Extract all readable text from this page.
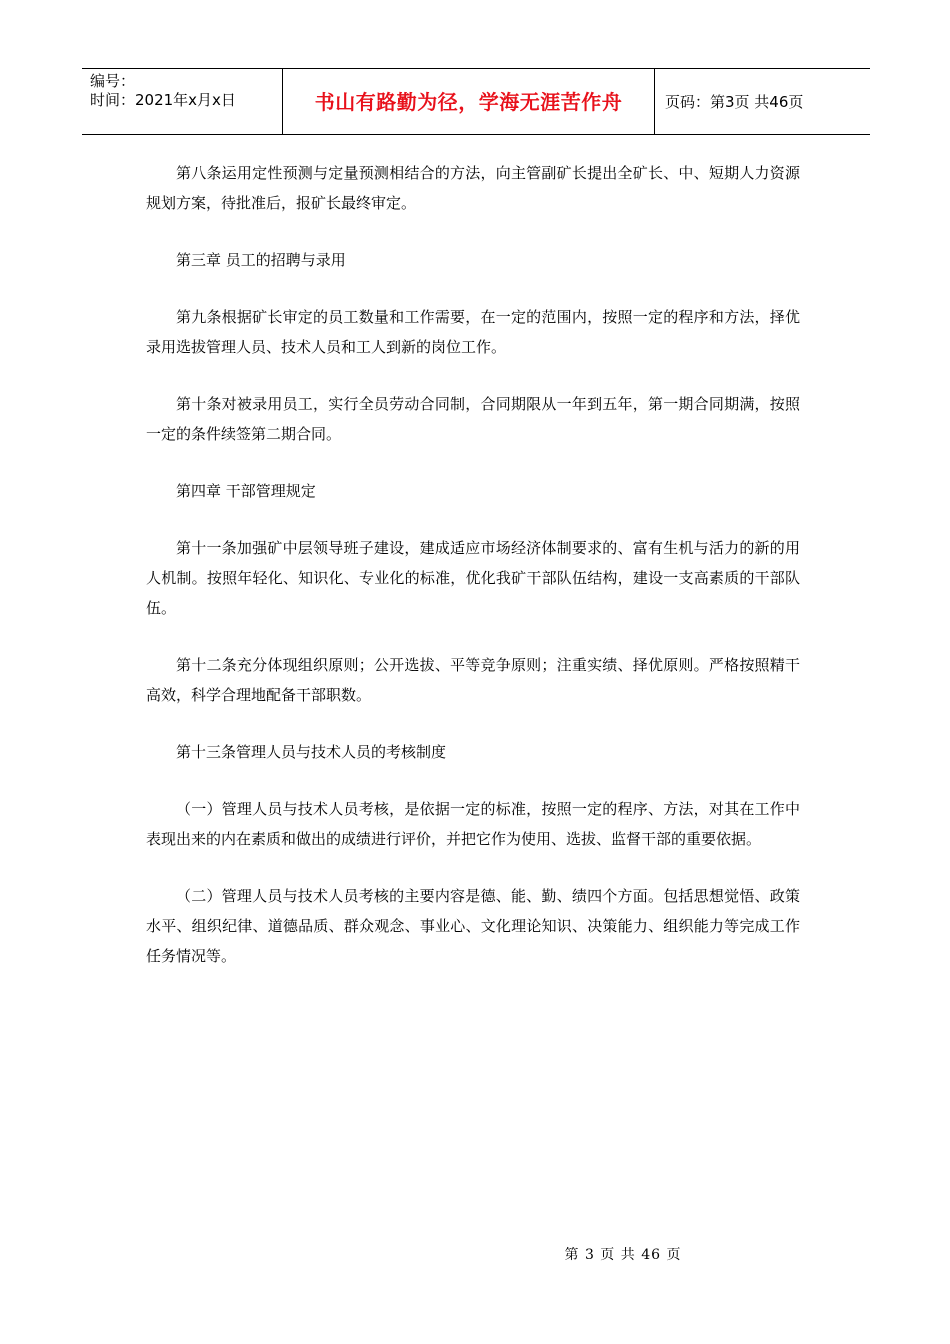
编号：
时间：2021年x月x日	书山有路勤为径，学海无涯苦作舟	页码：第3页 共46页

第八条运用定性预测与定量预测相结合的方法，向主管副矿长提出全矿长、中、短期人力资源规划方案，待批准后，报矿长最终审定。

第三章 员工的招聘与录用

第九条根据矿长审定的员工数量和工作需要，在一定的范围内，按照一定的程序和方法，择优录用选拔管理人员、技术人员和工人到新的岗位工作。

第十条对被录用员工，实行全员劳动合同制，合同期限从一年到五年，第一期合同期满，按照一定的条件续签第二期合同。

第四章 干部管理规定

第十一条加强矿中层领导班子建设，建成适应市场经济体制要求的、富有生机与活力的新的用人机制。按照年轻化、知识化、专业化的标准，优化我矿干部队伍结构，建设一支高素质的干部队伍。

第十二条充分体现组织原则；公开选拔、平等竞争原则；注重实绩、择优原则。严格按照精干高效，科学合理地配备干部职数。

第十三条管理人员与技术人员的考核制度

（一）管理人员与技术人员考核，是依据一定的标准，按照一定的程序、方法，对其在工作中表现出来的内在素质和做出的成绩进行评价，并把它作为使用、选拔、监督干部的重要依据。

（二）管理人员与技术人员考核的主要内容是德、能、勤、绩四个方面。包括思想觉悟、政策水平、组织纪律、道德品质、群众观念、事业心、文化理论知识、决策能力、组织能力等完成工作任务情况等。

第 3 页 共 46 页
